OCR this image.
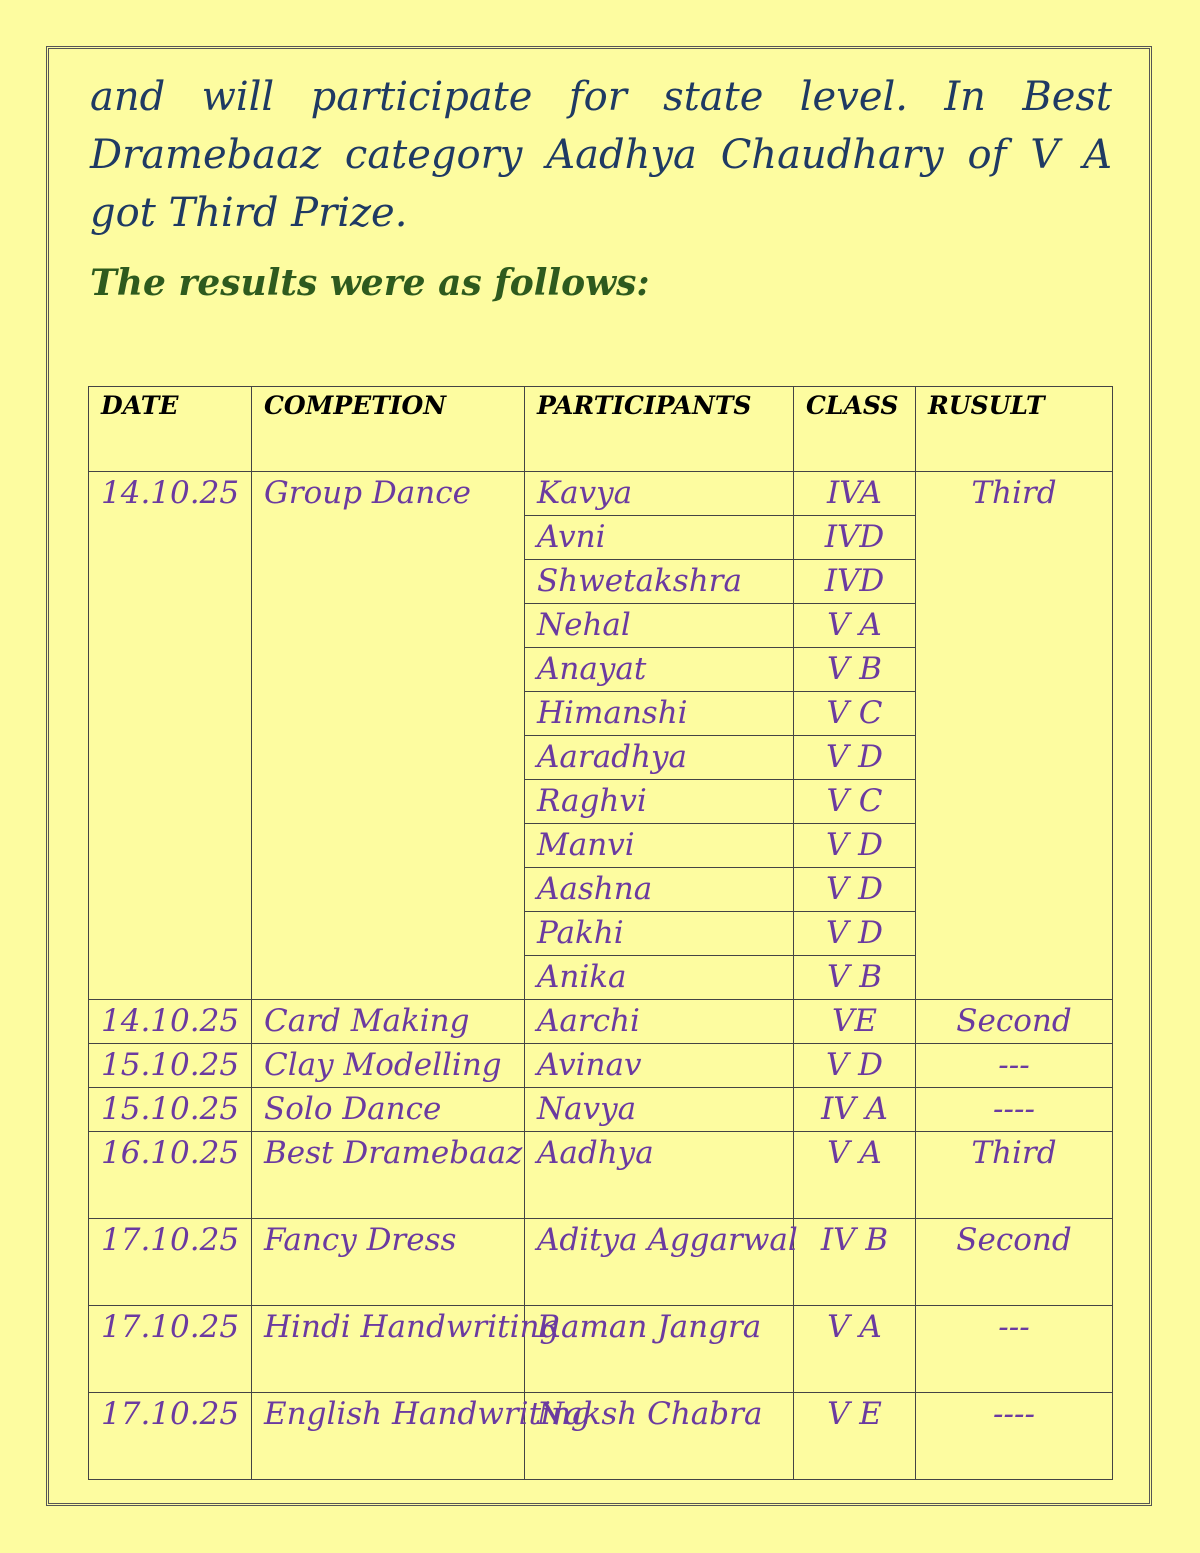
and will participate for state level. In Best Dramebaaz category Aadhya Chaudhary of V A got Third Prize.

The results were as follows:
DATE	COMPETION	PARTICIPANTS	CLASS	RUSULT
14.10.25	Group Dance	Kavya	IVA	Third
		Avni	IVD	
		Shwetakshra	IVD	
		Nehal	V A	
		Anayat	V B	
		Himanshi	V C	
		Aaradhya	V D	
		Raghvi	V C	
		Manvi	V D	
		Aashna	V D	
		Pakhi	V D	
		Anika	V B	
14.10.25	Card Making	Aarchi	VE	Second
15.10.25	Clay Modelling	Avinav	V D	---
15.10.25	Solo Dance	Navya	IV A	----
16.10.25	Best Dramebaaz	Aadhya	V A	Third
17.10.25	Fancy Dress	Aditya Aggarwal	IV B	Second
17.10.25	Hindi Handwriting	Raman Jangra	V A	---
17.10.25	English Handwriting	Naksh Chabra	V E	----
